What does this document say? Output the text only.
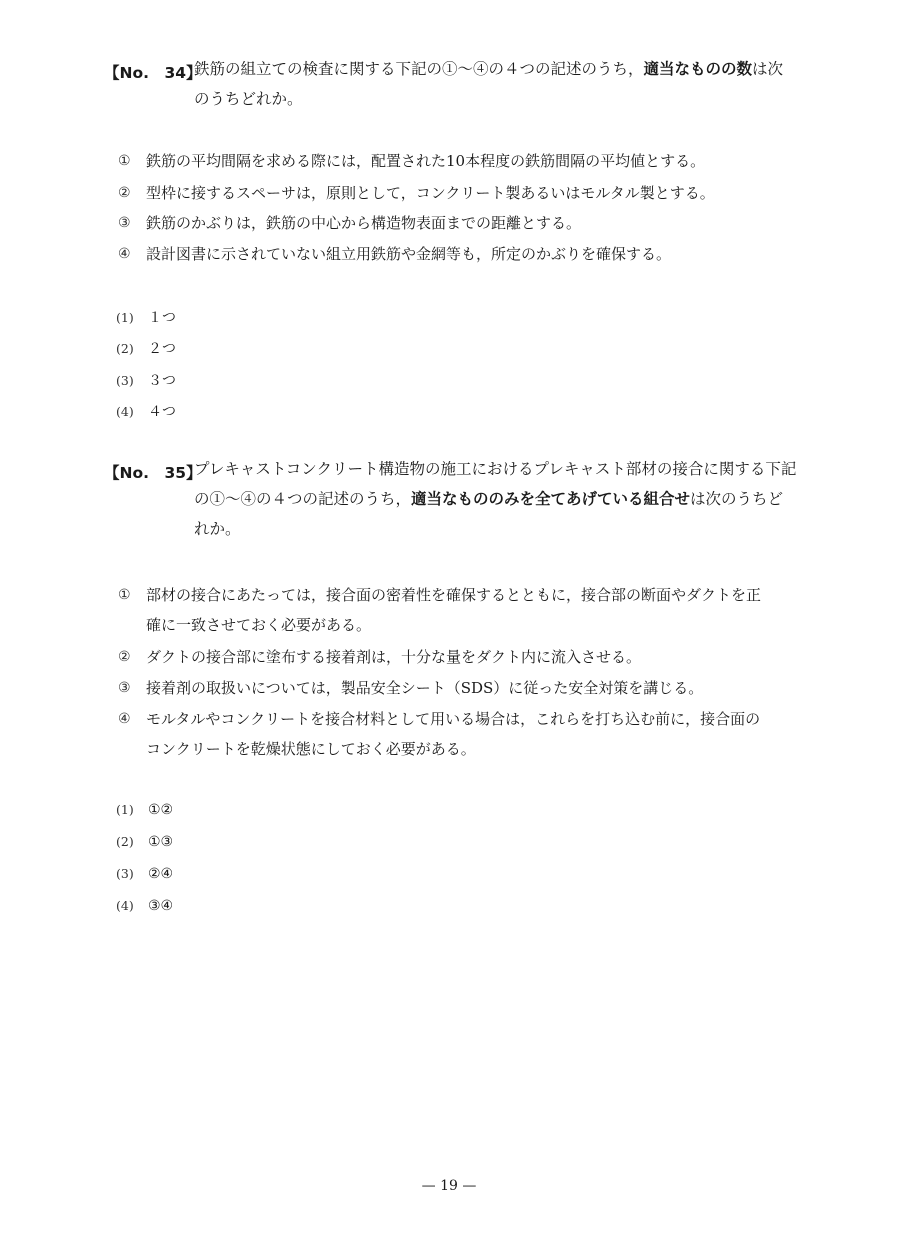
【No.　34】
鉄筋の組立ての検査に関する下記の①～④の４つの記述のうち，適当なものの数は次
のうちどれか。
①	鉄筋の平均間隔を求める際には，配置された10本程度の鉄筋間隔の平均値とする。
②	型枠に接するスペーサは，原則として，コンクリート製あるいはモルタル製とする。
③	鉄筋のかぶりは，鉄筋の中心から構造物表面までの距離とする。
④	設計図書に示されていない組立用鉄筋や金網等も，所定のかぶりを確保する。
(1) １つ
(2) ２つ
(3) ３つ
(4) ４つ
【No.　35】
プレキャストコンクリート構造物の施工におけるプレキャスト部材の接合に関する下記
の①～④の４つの記述のうち，適当なもののみを全てあげている組合せは次のうちど
れか。
①	部材の接合にあたっては，接合面の密着性を確保するとともに，接合部の断面やダクトを正
確に一致させておく必要がある。
②	ダクトの接合部に塗布する接着剤は，十分な量をダクト内に流入させる。
③	接着剤の取扱いについては，製品安全シート（SDS）に従った安全対策を講じる。
④	モルタルやコンクリートを接合材料として用いる場合は，これらを打ち込む前に，接合面の
コンクリートを乾燥状態にしておく必要がある。
(1) ①②
(2) ①③
(3) ②④
(4) ③④
— 19 —
